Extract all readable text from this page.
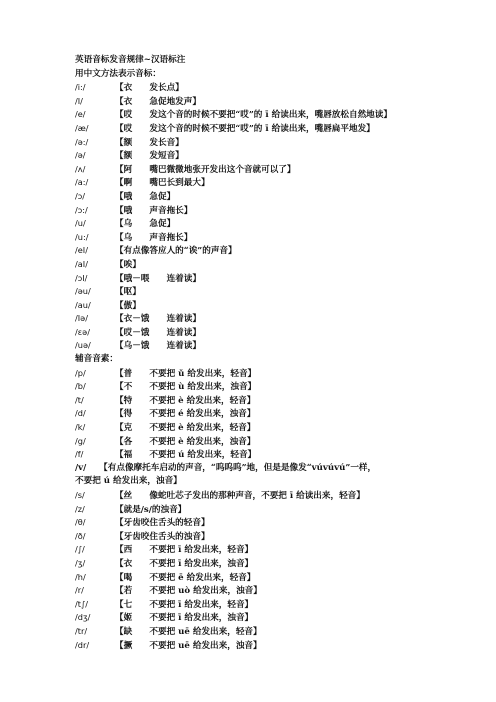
英语音标发音规律~汉语标注
用中文方法表示音标：
/i:/	【衣　　发长点】
/I/	【衣　　急促地发声】
/e/	【哎　　发这个音的时候不要把“哎”的 ī 给读出来，嘴唇放松自然地读】
/æ/	【哎　　发这个音的时候不要把“哎”的 ī 给读出来，嘴唇扁平地发】
/ə:/	【额　　发长音】
/ə/	【额　　发短音】
/ʌ/	【阿　　嘴巴微微地张开发出这个音就可以了】
/a:/	【啊　　嘴巴长到最大】
/ɔ/	【哦　　急促】
/ɔ:/	【哦　　声音拖长】
/u/	【乌　　急促】
/u:/	【乌　　声音拖长】
/eI/	【有点像答应人的“诶”的声音】
/aI/	【唉】
/ɔI/	【哦－喂　　连着读】
/əu/	【呕】
/au/	【傲】
/Iə/	【衣－饿　　连着读】
/εə/	【哎－饿　　连着读】
/uə/	【乌－饿　　连着读】
辅音音素：
/p/	【普　　不要把 ǔ 给发出来，轻音】
/b/	【不　　不要把 ù 给发出来，浊音】
/t/	【特　　不要把 è 给发出来，轻音】
/d/	【得　　不要把 é 给发出来，浊音】
/k/	【克　　不要把 è 给发出来，轻音】
/g/	【各　　不要把 è 给发出来，浊音】
/f/	【福　　不要把 ú 给发出来，轻音】
/v/　　【有点像摩托车启动的声音，“呜呜呜”地，但是是像发“vúvúvú”一样，
不要把 ú 给发出来，浊音】
/s/	【丝　　像蛇吐芯子发出的那种声音，不要把 ī 给读出来，轻音】
/z/	【就是/s/的浊音】
/θ/	【牙齿咬住舌头的轻音】
/ð/	【牙齿咬住舌头的浊音】
/∫/	【西　　不要把 ī 给发出来，轻音】
/ʒ/	【衣　　不要把 ī 给发出来，浊音】
/h/	【喝　　不要把 ē 给发出来，轻音】
/r/	【若　　不要把 uò 给发出来，浊音】
/t∫/	【七　　不要把 ī 给发出来，轻音】
/dʒ/	【姬　　不要把 ī 给发出来，浊音】
/tr/	【缺　　不要把 uē 给发出来，轻音】
/dr/	【撅　　不要把 uē 给发出来，浊音】
